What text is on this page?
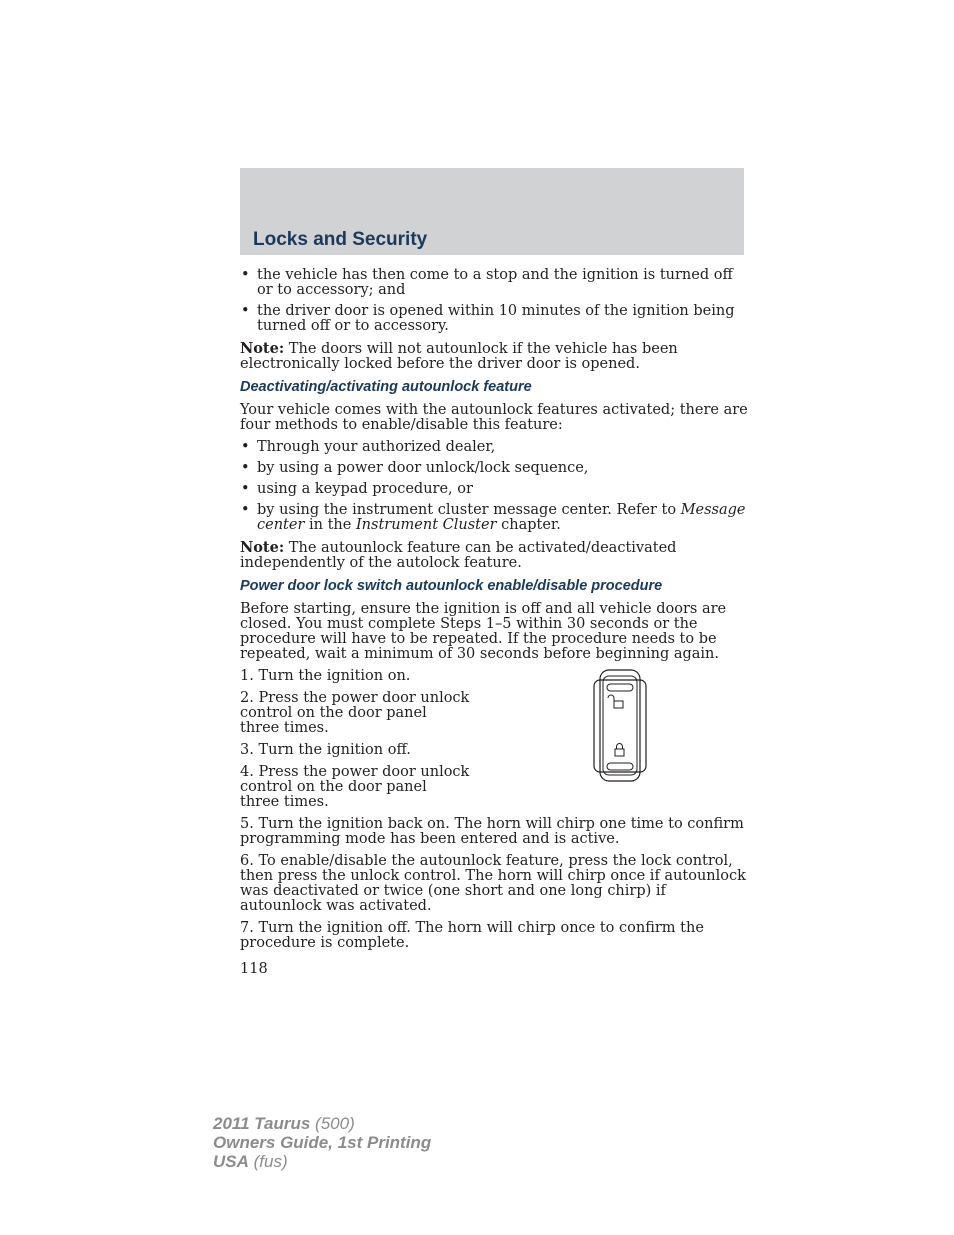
Locks and Security
• the vehicle has then come to a stop and the ignition is turned off or to accessory; and
• the driver door is opened within 10 minutes of the ignition being turned off or to accessory.

Note: The doors will not autounlock if the vehicle has been electronically locked before the driver door is opened.

Deactivating/activating autounlock feature

Your vehicle comes with the autounlock features activated; there are four methods to enable/disable this feature:

• Through your authorized dealer,
• by using a power door unlock/lock sequence,
• using a keypad procedure, or
• by using the instrument cluster message center. Refer to Message center in the Instrument Cluster chapter.

Note: The autounlock feature can be activated/deactivated independently of the autolock feature.

Power door lock switch autounlock enable/disable procedure

Before starting, ensure the ignition is off and all vehicle doors are closed. You must complete Steps 1–5 within 30 seconds or the procedure will have to be repeated. If the procedure needs to be repeated, wait a minimum of 30 seconds before beginning again.

1. Turn the ignition on.

2. Press the power door unlock control on the door panel three times.

3. Turn the ignition off.

4. Press the power door unlock control on the door panel three times.

5. Turn the ignition back on. The horn will chirp one time to confirm programming mode has been entered and is active.

6. To enable/disable the autounlock feature, press the lock control, then press the unlock control. The horn will chirp once if autounlock was deactivated or twice (one short and one long chirp) if autounlock was activated.

7. Turn the ignition off. The horn will chirp once to confirm the procedure is complete.

118
2011 Taurus (500)
Owners Guide, 1st Printing
USA (fus)
